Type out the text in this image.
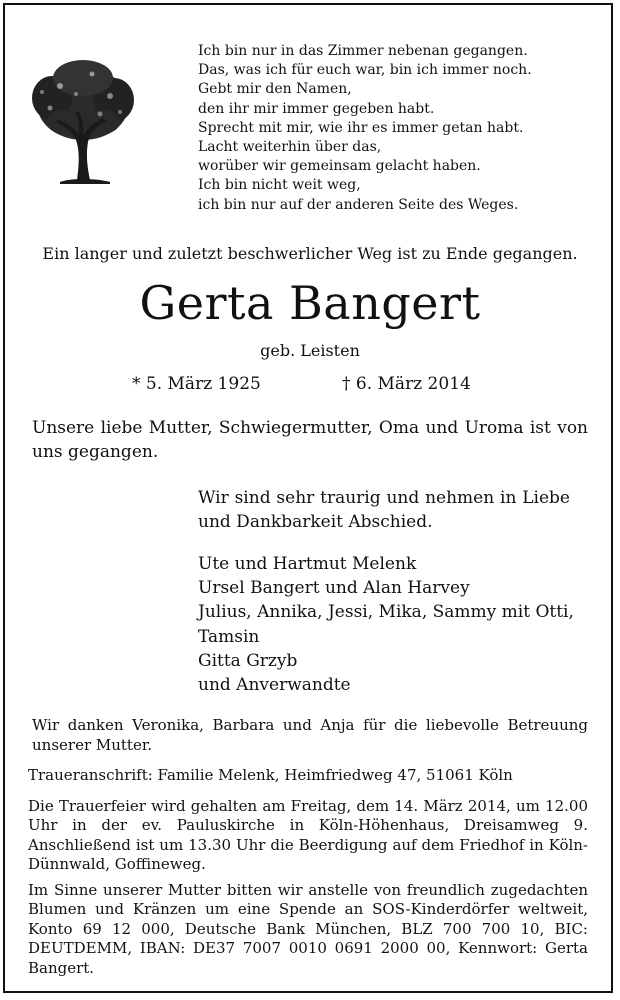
Ich bin nur in das Zimmer nebenan gegangen.
Das, was ich für euch war, bin ich immer noch.
Gebt mir den Namen,
den ihr mir immer gegeben habt.
Sprecht mit mir, wie ihr es immer getan habt.
Lacht weiterhin über das,
worüber wir gemeinsam gelacht haben.
Ich bin nicht weit weg,
ich bin nur auf der anderen Seite des Weges.
Ein langer und zuletzt beschwerlicher Weg ist zu Ende gegangen.
Gerta Bangert
geb. Leisten
* 5. März 1925	† 6. März 2014
Unsere liebe Mutter, Schwiegermutter, Oma und Uroma ist von uns gegangen.
Wir sind sehr traurig und nehmen in Liebe und Dankbarkeit Abschied.
Ute und Hartmut Melenk
Ursel Bangert und Alan Harvey
Julius, Annika, Jessi, Mika, Sammy mit Otti,
Tamsin
Gitta Grzyb
und Anverwandte
Wir danken Veronika, Barbara und Anja für die liebevolle Betreuung unserer Mutter.
Traueranschrift: Familie Melenk, Heimfriedweg 47, 51061 Köln
Die Trauerfeier wird gehalten am Freitag, dem 14. März 2014, um 12.00 Uhr in der ev. Pauluskirche in Köln-Höhenhaus, Dreisamweg 9. Anschließend ist um 13.30 Uhr die Beerdigung auf dem Friedhof in Köln-Dünnwald, Goffineweg.
Im Sinne unserer Mutter bitten wir anstelle von freundlich zugedachten Blumen und Kränzen um eine Spende an SOS-Kinderdörfer weltweit, Konto 69 12 000, Deutsche Bank München, BLZ 700 700 10, BIC: DEUTDEMM, IBAN: DE37 7007 0010 0691 2000 00, Kennwort: Gerta Bangert.
